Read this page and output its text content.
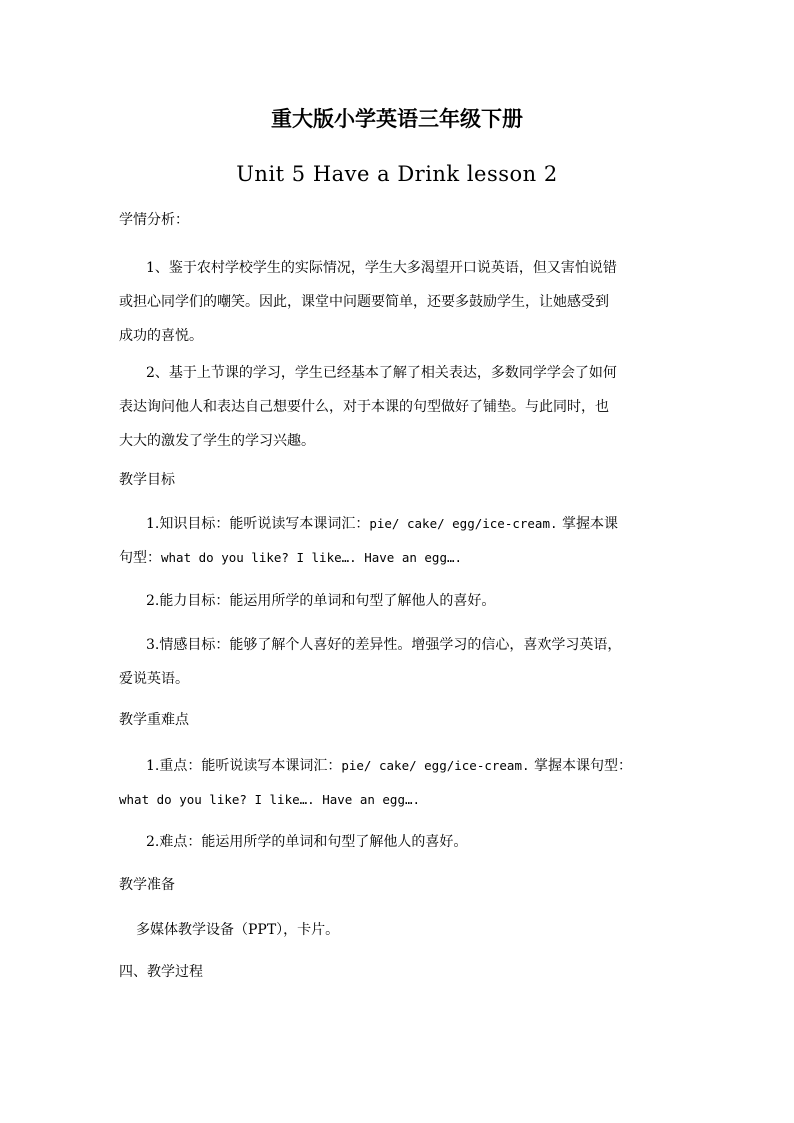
重大版小学英语三年级下册
Unit 5 Have a Drink lesson 2
学情分析：
1、鉴于农村学校学生的实际情况，学生大多渴望开口说英语，但又害怕说错
或担心同学们的嘲笑。因此，课堂中问题要简单，还要多鼓励学生，让她感受到
成功的喜悦。
2、基于上节课的学习，学生已经基本了解了相关表达，多数同学学会了如何
表达询问他人和表达自己想要什么，对于本课的句型做好了铺垫。与此同时，也
大大的激发了学生的学习兴趣。
教学目标
1.知识目标：能听说读写本课词汇：pie/ cake/ egg/ice-cream. 掌握本课
句型：what do you like? I like…. Have an egg….
2.能力目标：能运用所学的单词和句型了解他人的喜好。
3.情感目标：能够了解个人喜好的差异性。增强学习的信心，喜欢学习英语，
爱说英语。
教学重难点
1.重点：能听说读写本课词汇：pie/ cake/ egg/ice-cream. 掌握本课句型：
what do you like? I like…. Have an egg….
2.难点：能运用所学的单词和句型了解他人的喜好。
教学准备
多媒体教学设备（PPT），卡片。
四、教学过程
